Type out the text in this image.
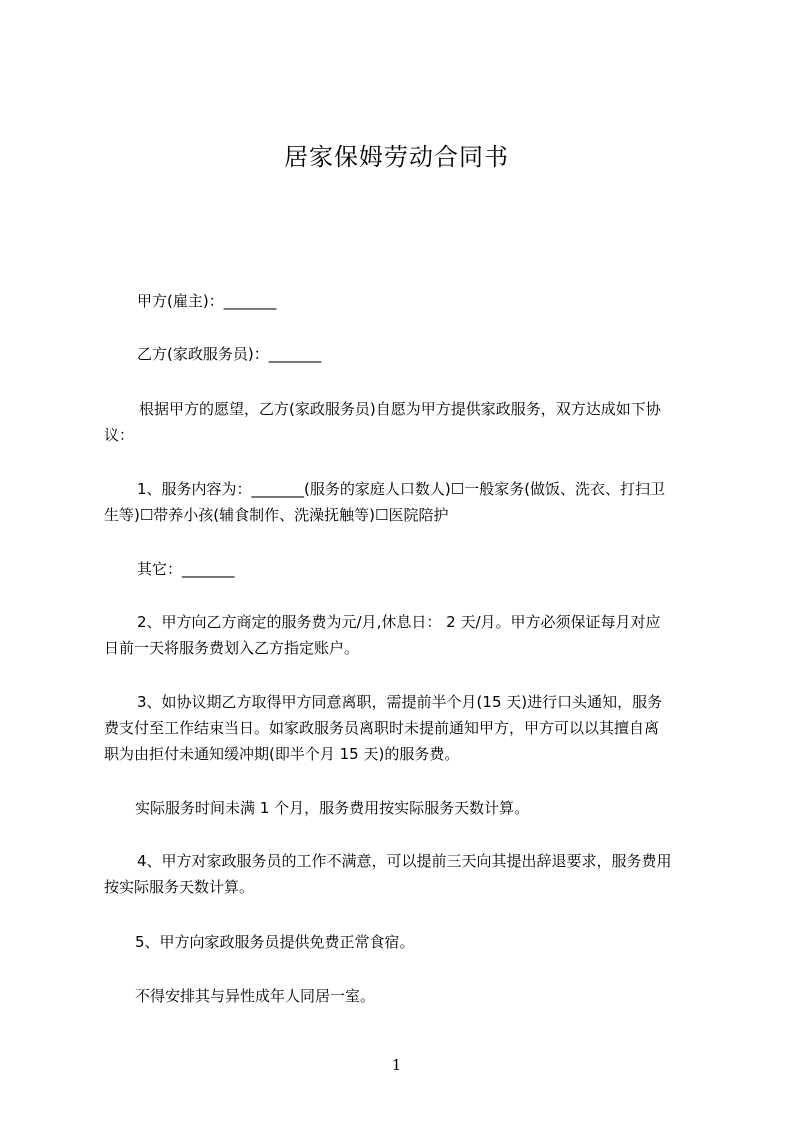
居家保姆劳动合同书
甲方(雇主)：_______
乙方(家政服务员)：_______
根据甲方的愿望，乙方(家政服务员)自愿为甲方提供家政服务，双方达成如下协
议：
1、服务内容为：_______(服务的家庭人口数人)☐一般家务(做饭、洗衣、打扫卫
生等)☐带养小孩(辅食制作、洗澡抚触等)☐医院陪护
其它：_______
2、甲方向乙方商定的服务费为元/月,休息日： 2 天/月。甲方必须保证每月对应
日前一天将服务费划入乙方指定账户。
3、如协议期乙方取得甲方同意离职，需提前半个月(15 天)进行口头通知，服务
费支付至工作结束当日。如家政服务员离职时未提前通知甲方，甲方可以以其擅自离
职为由拒付未通知缓冲期(即半个月 15 天)的服务费。
实际服务时间未满 1 个月，服务费用按实际服务天数计算。
4、甲方对家政服务员的工作不满意，可以提前三天向其提出辞退要求，服务费用
按实际服务天数计算。
5、甲方向家政服务员提供免费正常食宿。
不得安排其与异性成年人同居一室。
1
